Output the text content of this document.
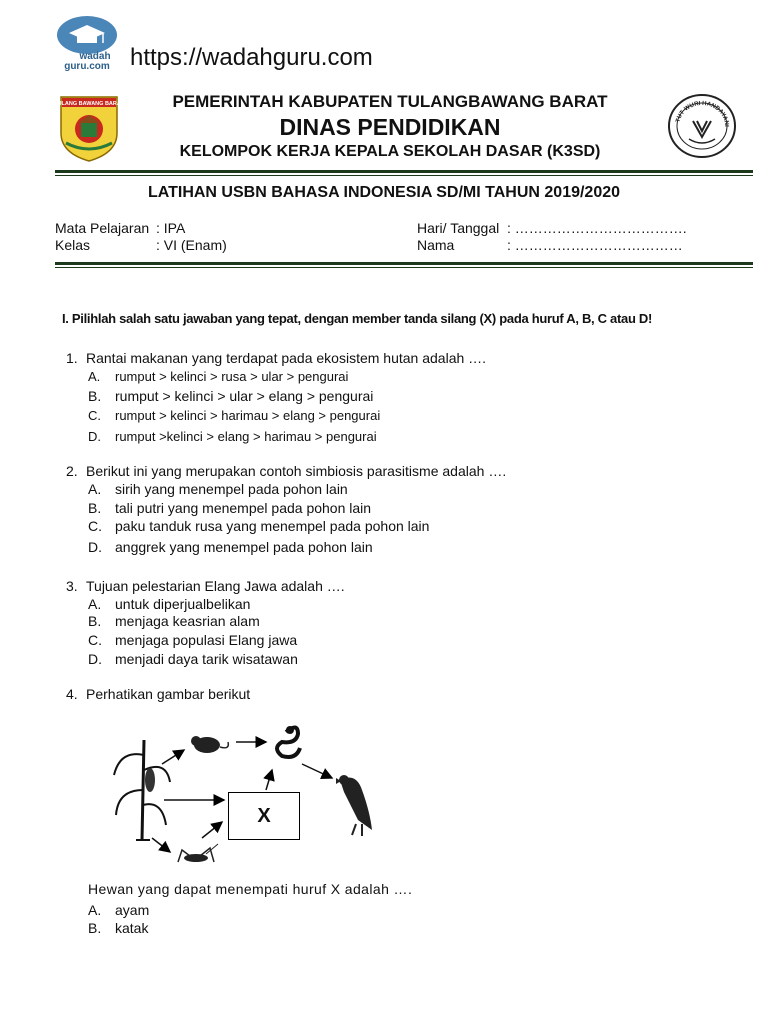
wadah
guru.com https://wadahguru.com
TULANG BAWANG BARAT
TUT WURI HANDAYANI
PEMERINTAH KABUPATEN TULANGBAWANG BARAT
DINAS PENDIDIKAN
KELOMPOK KERJA KEPALA SEKOLAH DASAR (K3SD)
LATIHAN USBN BAHASA INDONESIA SD/MI TAHUN 2019/2020
Mata Pelajaran : IPA
Kelas	: VI (Enam)
Hari/ Tanggal : ……………………………….
Nama	: ………………………………
I. Pilihlah salah satu jawaban yang tepat, dengan member tanda silang (X) pada huruf A, B, C atau D!
1. Rantai makanan yang terdapat pada ekosistem hutan adalah ….
A. rumput > kelinci > rusa > ular > pengurai
B. rumput > kelinci > ular > elang > pengurai
C. rumput > kelinci > harimau > elang > pengurai
D. rumput >kelinci > elang > harimau > pengurai
2. Berikut ini yang merupakan contoh simbiosis parasitisme adalah ….
A. sirih yang menempel pada pohon lain
B. tali putri yang menempel pada pohon lain
C. paku tanduk rusa yang menempel pada pohon lain
D. anggrek yang menempel pada pohon lain
3. Tujuan pelestarian Elang Jawa adalah ….
A. untuk diperjualbelikan
B. menjaga keasrian alam
C. menjaga populasi Elang jawa
D. menjadi daya tarik wisatawan
4. Perhatikan gambar berikut
X
Hewan yang dapat menempati huruf X adalah ….
A. ayam
B. katak
